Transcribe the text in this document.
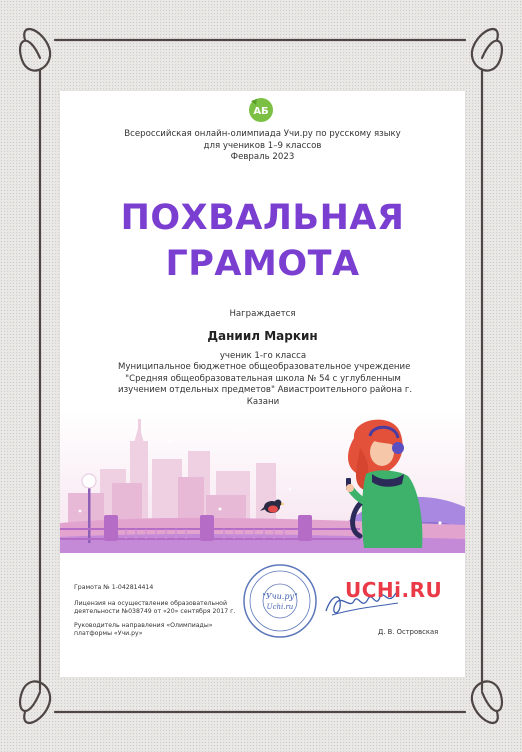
АБ
Всероссийская онлайн-олимпиада Учи.ру по русскому языку
для учеников 1–9 классов
Февраль 2023
ПОХВАЛЬНАЯ
ГРАМОТА
Награждается
Даниил Маркин
ученик 1-го класса
Муниципальное бюджетное общеобразовательное учреждение
"Средняя общеобразовательная школа № 54 с углубленным
изучением отдельных предметов" Авиастроительного района г.
Казани
Грамота № 1-042814414
Лицензия на осуществление образовательной
деятельности №038749 от «20» сентября 2017 г.
Руководитель направления «Олимпиады»
платформы «Учи.ру»
"Учи.ру"
Uchi.ru
UCHi.RU
Д. В. Островская
